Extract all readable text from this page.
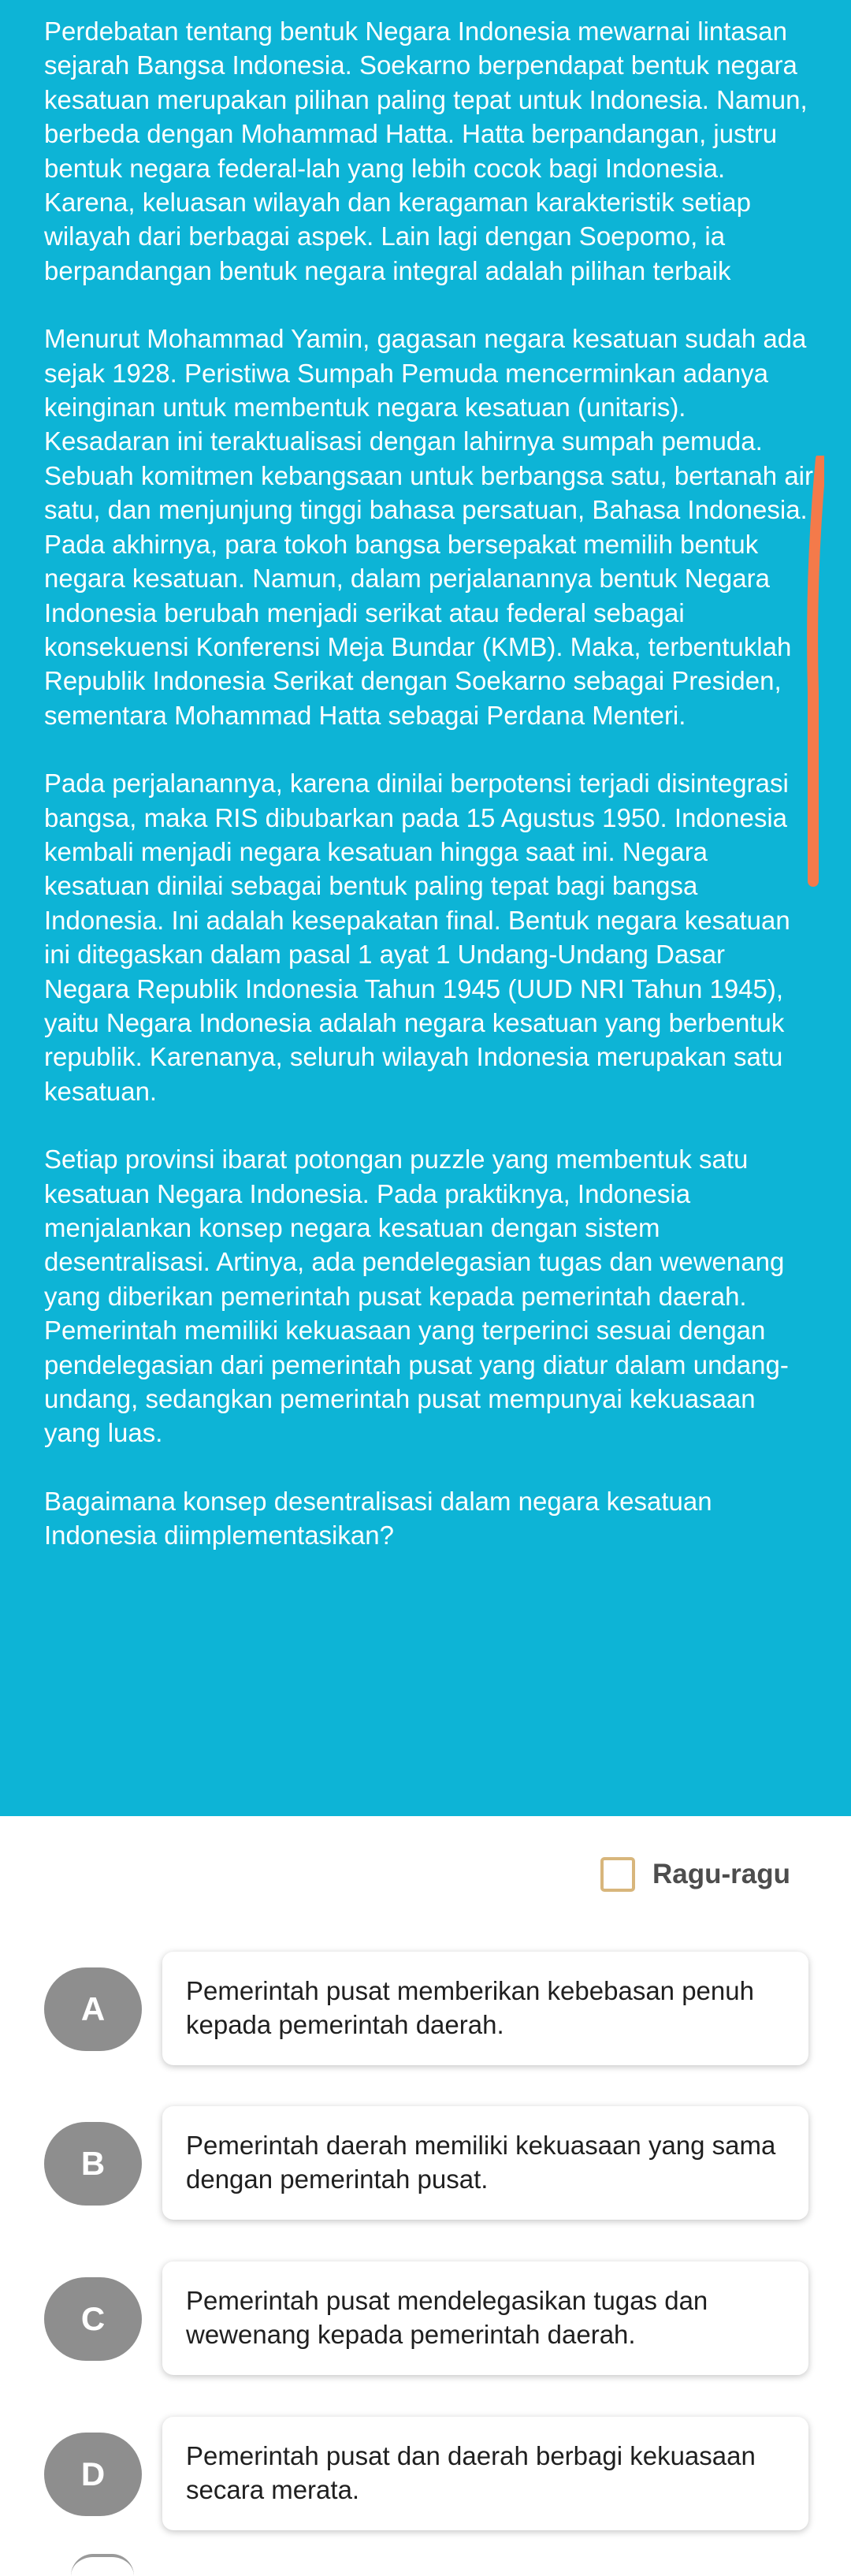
Perdebatan tentang bentuk Negara Indonesia mewarnai lintasan sejarah Bangsa Indonesia. Soekarno berpendapat bentuk negara kesatuan merupakan pilihan paling tepat untuk Indonesia. Namun, berbeda dengan Mohammad Hatta. Hatta berpandangan, justru bentuk negara federal-lah yang lebih cocok bagi Indonesia. Karena, keluasan wilayah dan keragaman karakteristik setiap wilayah dari berbagai aspek. Lain lagi dengan Soepomo, ia berpandangan bentuk negara integral adalah pilihan terbaik

Menurut Mohammad Yamin, gagasan negara kesatuan sudah ada sejak 1928. Peristiwa Sumpah Pemuda mencerminkan adanya keinginan untuk membentuk negara kesatuan (unitaris). Kesadaran ini teraktualisasi dengan lahirnya sumpah pemuda. Sebuah komitmen kebangsaan untuk berbangsa satu, bertanah air satu, dan menjunjung tinggi bahasa persatuan, Bahasa Indonesia. Pada akhirnya, para tokoh bangsa bersepakat memilih bentuk negara kesatuan. Namun, dalam perjalanannya bentuk Negara Indonesia berubah menjadi serikat atau federal sebagai konsekuensi Konferensi Meja Bundar (KMB). Maka, terbentuklah Republik Indonesia Serikat dengan Soekarno sebagai Presiden, sementara Mohammad Hatta sebagai Perdana Menteri.

Pada perjalanannya, karena dinilai berpotensi terjadi disintegrasi bangsa, maka RIS dibubarkan pada 15 Agustus 1950. Indonesia kembali menjadi negara kesatuan hingga saat ini. Negara kesatuan dinilai sebagai bentuk paling tepat bagi bangsa Indonesia. Ini adalah kesepakatan final. Bentuk negara kesatuan ini ditegaskan dalam pasal 1 ayat 1 Undang-Undang Dasar Negara Republik Indonesia Tahun 1945 (UUD NRI Tahun 1945), yaitu Negara Indonesia adalah negara kesatuan yang berbentuk republik. Karenanya, seluruh wilayah Indonesia merupakan satu kesatuan.

Setiap provinsi ibarat potongan puzzle yang membentuk satu kesatuan Negara Indonesia. Pada praktiknya, Indonesia menjalankan konsep negara kesatuan dengan sistem desentralisasi. Artinya, ada pendelegasian tugas dan wewenang yang diberikan pemerintah pusat kepada pemerintah daerah. Pemerintah memiliki kekuasaan yang terperinci sesuai dengan pendelegasian dari pemerintah pusat yang diatur dalam undang-undang, sedangkan pemerintah pusat mempunyai kekuasaan yang luas.

Bagaimana konsep desentralisasi dalam negara kesatuan Indonesia diimplementasikan?

Ragu-ragu
A	Pemerintah pusat memberikan kebebasan penuh kepada pemerintah daerah.
B	Pemerintah daerah memiliki kekuasaan yang sama dengan pemerintah pusat.
C	Pemerintah pusat mendelegasikan tugas dan wewenang kepada pemerintah daerah.
D	Pemerintah pusat dan daerah berbagi kekuasaan secara merata.
